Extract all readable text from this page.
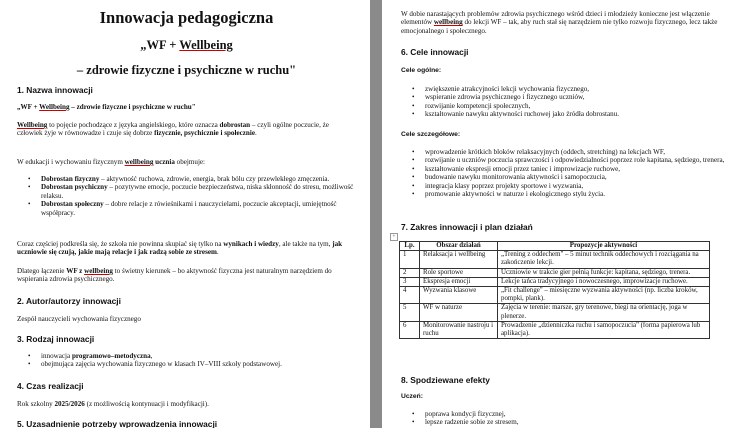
Innowacja pedagogiczna

„WF + Wellbeing

– zdrowie fizyczne i psychiczne w ruchu"

1. Nazwa innowacji

„WF + Wellbeing – zdrowie fizyczne i psychiczne w ruchu"

Wellbeing to pojęcie pochodzące z języka angielskiego, które oznacza dobrostan – czyli ogólne poczucie, że człowiek żyje w równowadze i czuje się dobrze fizycznie, psychicznie i społecznie.

W edukacji i wychowaniu fizycznym wellbeing ucznia obejmuje:

• Dobrostan fizyczny – aktywność ruchowa, zdrowie, energia, brak bólu czy przewlekłego zmęczenia.
• Dobrostan psychiczny – pozytywne emocje, poczucie bezpieczeństwa, niska skłonność do stresu, możliwość relaksu.
• Dobrostan społeczny – dobre relacje z rówieśnikami i nauczycielami, poczucie akceptacji, umiejętność współpracy.

Coraz częściej podkreśla się, że szkoła nie powinna skupiać się tylko na wynikach i wiedzy, ale także na tym, jak uczniowie się czują, jakie mają relacje i jak radzą sobie ze stresem.

Dlatego łączenie WF z wellbeing to świetny kierunek – bo aktywność fizyczna jest naturalnym narzędziem do wspierania zdrowia psychicznego.

2. Autor/autorzy innowacji

Zespół nauczycieli wychowania fizycznego

3. Rodzaj innowacji
• innowacja programowo–metodyczna,
• obejmująca zajęcia wychowania fizycznego w klasach IV–VIII szkoły podstawowej.
4. Czas realizacji

Rok szkolny 2025/2026 (z możliwością kontynuacji i modyfikacji).

5. Uzasadnienie potrzeby wprowadzenia innowacji

W dobie narastających problemów zdrowia psychicznego wśród dzieci i młodzieży konieczne jest włączenie elementów wellbeing do lekcji WF – tak, aby ruch stał się narzędziem nie tylko rozwoju fizycznego, lecz także emocjonalnego i społecznego.

6. Cele innowacji

Cele ogólne:

• zwiększenie atrakcyjności lekcji wychowania fizycznego,
• wspieranie zdrowia psychicznego i fizycznego uczniów,
• rozwijanie kompetencji społecznych,
• kształtowanie nawyku aktywności ruchowej jako źródła dobrostanu.

Cele szczegółowe:

• wprowadzenie krótkich bloków relaksacyjnych (oddech, stretching) na lekcjach WF,
• rozwijanie u uczniów poczucia sprawczości i odpowiedzialności poprzez role kapitana, sędziego, trenera,
• kształtowanie ekspresji emocji przez taniec i improwizacje ruchowe,
• budowanie nawyku monitorowania aktywności i samopoczucia,
• integracja klasy poprzez projekty sportowe i wyzwania,
• promowanie aktywności w naturze i ekologicznego stylu życia.
7. Zakres innowacji i plan działań
+
Lp.	Obszar działań	Propozycje aktywności
1	Relaksacja i wellbeing	„Trening z oddechem" – 5 minut technik oddechowych i rozciągania na zakończenie lekcji.
2	Role sportowe	Uczniowie w trakcie gier pełnią funkcje: kapitana, sędziego, trenera.
3	Ekspresja emocji	Lekcje tańca tradycyjnego i nowoczesnego, improwizacje ruchowe.
4	Wyzwania klasowe	„Fit challenge" – miesięczne wyzwania aktywności (np. liczba kroków, pompki, plank).
5	WF w naturze	Zajęcia w terenie: marsze, gry terenowe, biegi na orientację, joga w plenerze.
6	Monitorowanie nastroju i ruchu	Prowadzenie „dzienniczka ruchu i samopoczucia" (forma papierowa lub aplikacja).
8. Spodziewane efekty

Uczeń:

• poprawa kondycji fizycznej,
• lepsze radzenie sobie ze stresem,
